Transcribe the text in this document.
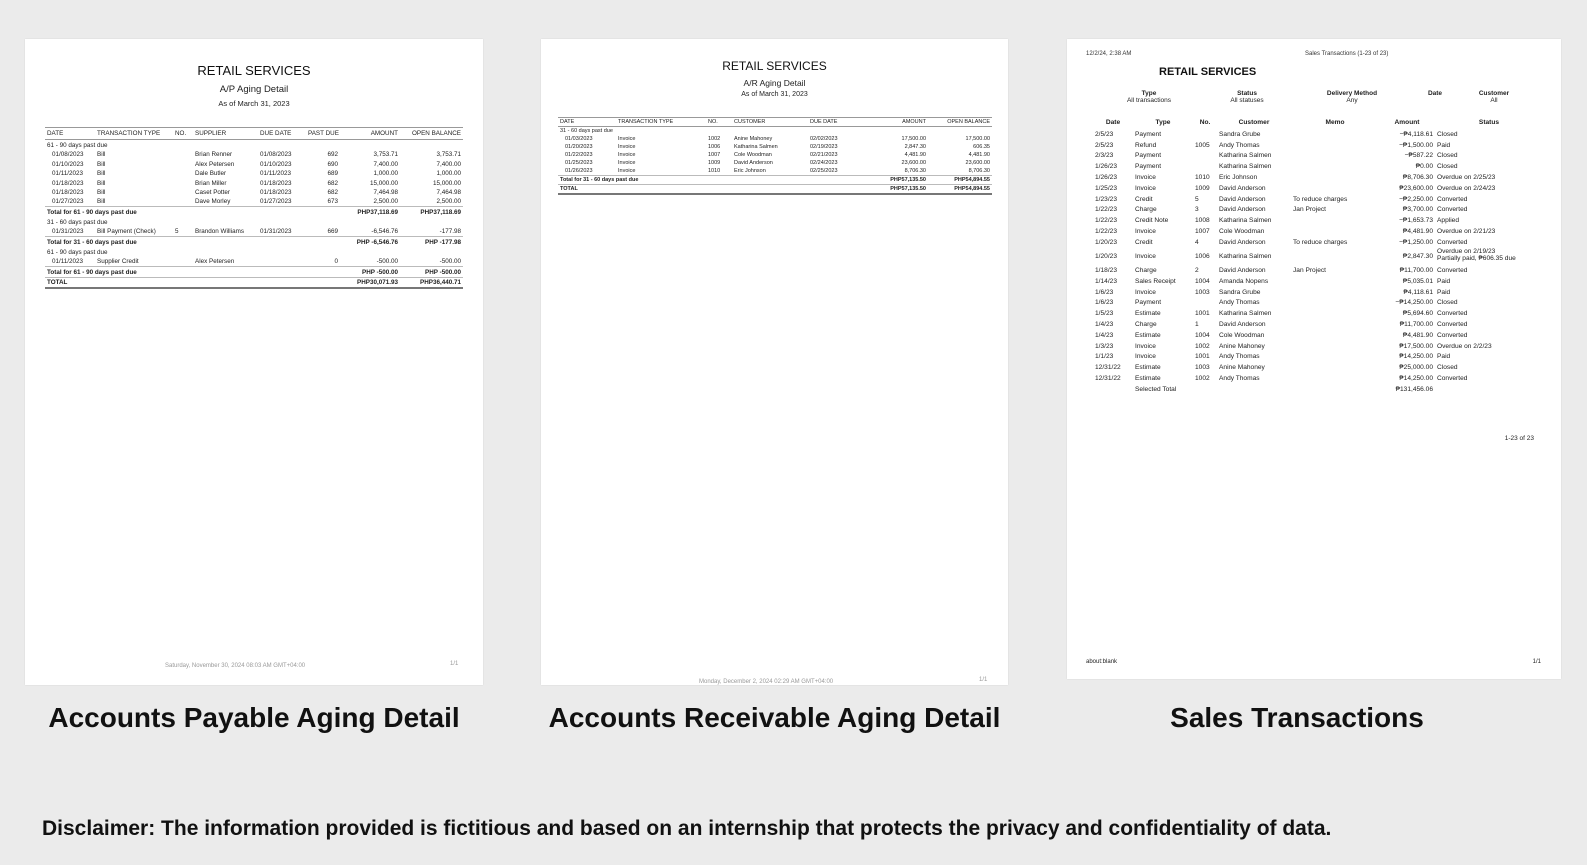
RETAIL SERVICES
A/P Aging Detail
As of March 31, 2023
DATE	TRANSACTION TYPE	NO.	SUPPLIER	DUE DATE	PAST DUE	AMOUNT	OPEN BALANCE
61 - 90 days past due							
01/08/2023	Bill		Brian Renner	01/08/2023	692	3,753.71	3,753.71
01/10/2023	Bill		Alex Petersen	01/10/2023	690	7,400.00	7,400.00
01/11/2023	Bill		Dale Butler	01/11/2023	689	1,000.00	1,000.00
01/18/2023	Bill		Brian Miller	01/18/2023	682	15,000.00	15,000.00
01/18/2023	Bill		Caset Potter	01/18/2023	682	7,464.98	7,464.98
01/27/2023	Bill		Dave Morley	01/27/2023	673	2,500.00	2,500.00
Total for 61 - 90 days past due						PHP37,118.69	PHP37,118.69
31 - 60 days past due							
01/31/2023	Bill Payment (Check)	5	Brandon Williams	01/31/2023	669	-6,546.76	-177.98
Total for 31 - 60 days past due						PHP -6,546.76	PHP -177.98
61 - 90 days past due							
01/11/2023	Supplier Credit		Alex Petersen		0	-500.00	-500.00
Total for 61 - 90 days past due						PHP -500.00	PHP -500.00
TOTAL						PHP30,071.93	PHP36,440.71
Saturday, November 30, 2024 08:03 AM GMT+04:00	1/1
RETAIL SERVICES
A/R Aging Detail
As of March 31, 2023
DATE	TRANSACTION TYPE	NO.	CUSTOMER	DUE DATE	AMOUNT	OPEN BALANCE
31 - 60 days past due						
01/03/2023	Invoice	1002	Anine Mahoney	02/02/2023	17,500.00	17,500.00
01/20/2023	Invoice	1006	Katharina Salmen	02/19/2023	2,847.30	606.35
01/22/2023	Invoice	1007	Cole Woodman	02/21/2023	4,481.90	4,481.90
01/25/2023	Invoice	1009	David Anderson	02/24/2023	23,600.00	23,600.00
01/26/2023	Invoice	1010	Eric Johnson	02/25/2023	8,706.30	8,706.30
Total for 31 - 60 days past due					PHP57,135.50	PHP54,894.55
TOTAL					PHP57,135.50	PHP54,894.55
Monday, December 2, 2024 02:29 AM GMT+04:00	1/1
12/2/24, 2:38 AM	Sales Transactions (1-23 of 23)
RETAIL SERVICES
Type
All transactions
Status
All statuses
Delivery Method
Any
Date	Customer
All
Date	Type	No.	Customer	Memo	Amount	Status
2/5/23	Payment		Sandra Grube		−₱4,118.61	Closed
2/5/23	Refund	1005	Andy Thomas		−₱1,500.00	Paid
2/3/23	Payment		Katharina Salmen		−₱587.22	Closed
1/26/23	Payment		Katharina Salmen		₱0.00	Closed
1/26/23	Invoice	1010	Eric Johnson		₱8,706.30	Overdue on 2/25/23
1/25/23	Invoice	1009	David Anderson		₱23,600.00	Overdue on 2/24/23
1/23/23	Credit	5	David Anderson	To reduce charges	−₱2,250.00	Converted
1/22/23	Charge	3	David Anderson	Jan Project	₱3,700.00	Converted
1/22/23	Credit Note	1008	Katharina Salmen		−₱1,653.73	Applied
1/22/23	Invoice	1007	Cole Woodman		₱4,481.90	Overdue on 2/21/23
1/20/23	Credit	4	David Anderson	To reduce charges	−₱1,250.00	Converted
1/20/23	Invoice	1006	Katharina Salmen		₱2,847.30	Overdue on 2/19/23
Partially paid, ₱606.35 due

1/18/23	Charge	2	David Anderson	Jan Project	₱11,700.00	Converted
1/14/23	Sales Receipt	1004	Amanda Nopens		₱5,035.01	Paid
1/6/23	Invoice	1003	Sandra Grube		₱4,118.61	Paid
1/6/23	Payment		Andy Thomas		−₱14,250.00	Closed
1/5/23	Estimate	1001	Katharina Salmen		₱5,694.60	Converted
1/4/23	Charge	1	David Anderson		₱11,700.00	Converted
1/4/23	Estimate	1004	Cole Woodman		₱4,481.90	Converted
1/3/23	Invoice	1002	Anine Mahoney		₱17,500.00	Overdue on 2/2/23
1/1/23	Invoice	1001	Andy Thomas		₱14,250.00	Paid
12/31/22	Estimate	1003	Anine Mahoney		₱25,000.00	Closed
12/31/22	Estimate	1002	Andy Thomas		₱14,250.00	Converted
	Selected Total				₱131,456.06	
1-23 of 23
about:blank	1/1
Accounts Payable Aging Detail	Accounts Receivable Aging Detail	Sales Transactions
Disclaimer: The information provided is fictitious and based on an internship that protects the privacy and confidentiality of data.
